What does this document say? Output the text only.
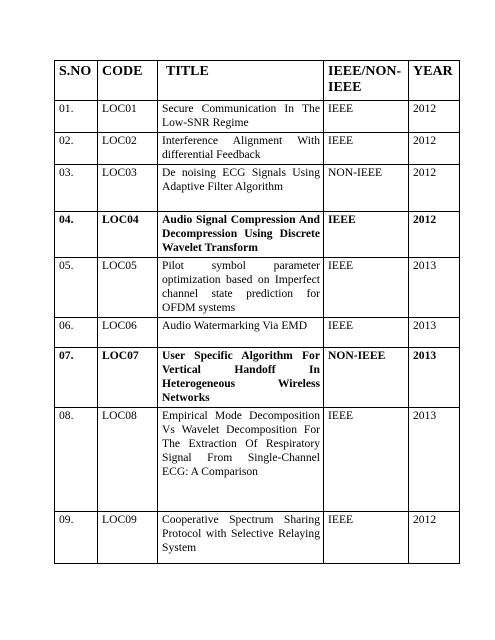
S.NO	CODE	TITLE	IEEE/NON-IEEE	YEAR
01.	LOC01	Secure Communication In The Low-SNR Regime	IEEE	2012
02.	LOC02	Interference Alignment With differential Feedback	IEEE	2012
03.	LOC03	De noising ECG Signals Using Adaptive Filter Algorithm	NON-IEEE	2012
04.	LOC04	Audio Signal Compression And Decompression Using Discrete Wavelet Transform	IEEE	2012
05.	LOC05	Pilot symbol parameter optimization based on Imperfect channel state prediction for OFDM systems	IEEE	2013
06.	LOC06	Audio Watermarking Via EMD	IEEE	2013
07.	LOC07	User Specific Algorithm For Vertical Handoff In Heterogeneous Wireless Networks	NON-IEEE	2013
08.	LOC08	Empirical Mode Decomposition Vs Wavelet Decomposition For The Extraction Of Respiratory Signal From Single-Channel ECG: A Comparison	IEEE	2013
09.	LOC09	Cooperative Spectrum Sharing Protocol with Selective Relaying System	IEEE	2012
